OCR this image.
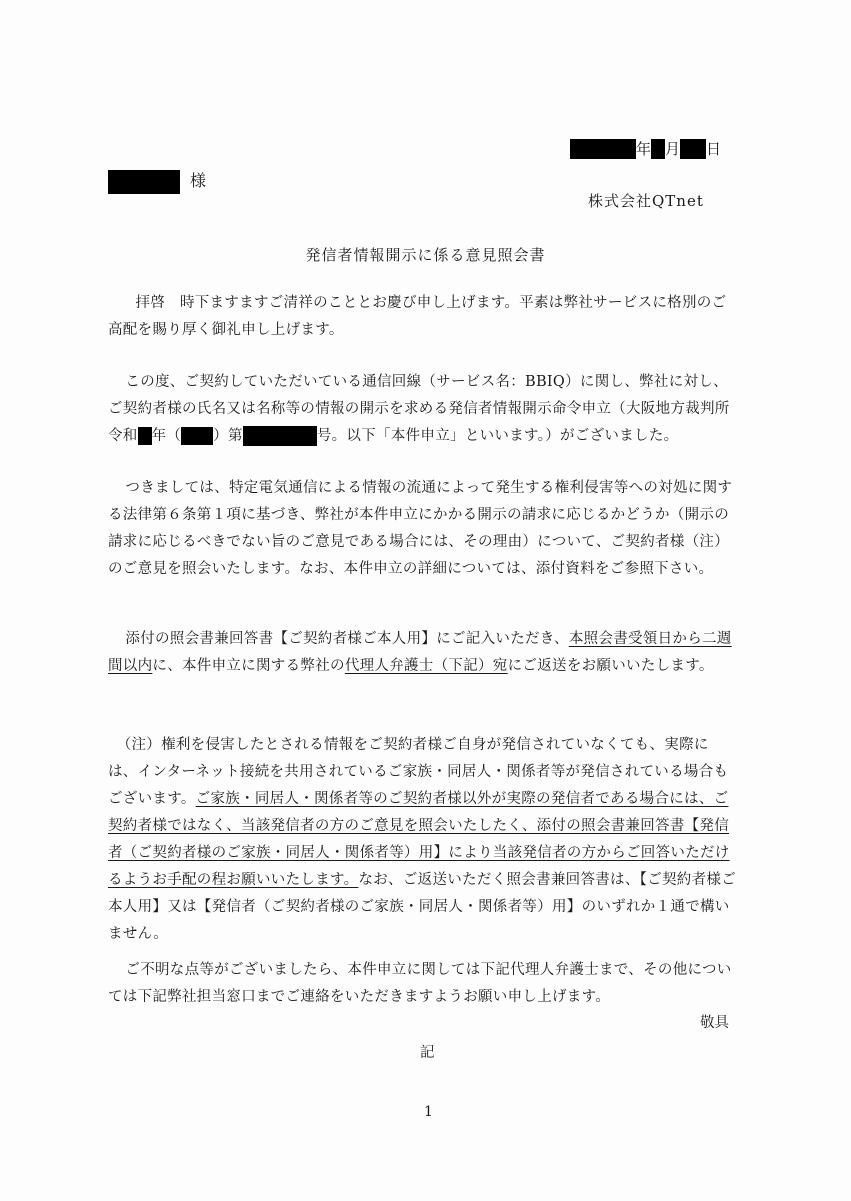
年 月 日
様
株式会社QTnet
発信者情報開示に係る意見照会書

拝啓　時下ますますご清祥のこととお慶び申し上げます。平素は弊社サービスに格別のご高配を賜り厚く御礼申し上げます。

この度、ご契約していただいている通信回線（サービス名：BBIQ）に関し、弊社に対し、ご契約者様の氏名又は名称等の情報の開示を求める発信者情報開示命令申立（大阪地方裁判所令和 年（ ）第	号。以下「本件申立」といいます。）がございました。

つきましては、特定電気通信による情報の流通によって発生する権利侵害等への対処に関する法律第６条第１項に基づき、弊社が本件申立にかかる開示の請求に応じるかどうか（開示の請求に応じるべきでない旨のご意見である場合には、その理由）について、ご契約者様（注）のご意見を照会いたします。なお、本件申立の詳細については、添付資料をご参照下さい。

添付の照会書兼回答書【ご契約者様ご本人用】にご記入いただき、本照会書受領日から二週間以内に、本件申立に関する弊社の代理人弁護士（下記）宛にご返送をお願いいたします。

（注）権利を侵害したとされる情報をご契約者様ご自身が発信されていなくても、実際には、インターネット接続を共用されているご家族・同居人・関係者等が発信されている場合もございます。ご家族・同居人・関係者等のご契約者様以外が実際の発信者である場合には、ご契約者様ではなく、当該発信者の方のご意見を照会いたしたく、添付の照会書兼回答書【発信者（ご契約者様のご家族・同居人・関係者等）用】により当該発信者の方からご回答いただけるようお手配の程お願いいたします。なお、ご返送いただく照会書兼回答書は、【ご契約者様ご本人用】又は【発信者（ご契約者様のご家族・同居人・関係者等）用】のいずれか１通で構いません。

ご不明な点等がございましたら、本件申立に関しては下記代理人弁護士まで、その他については下記弊社担当窓口までご連絡をいただきますようお願い申し上げます。

敬具
記
1
